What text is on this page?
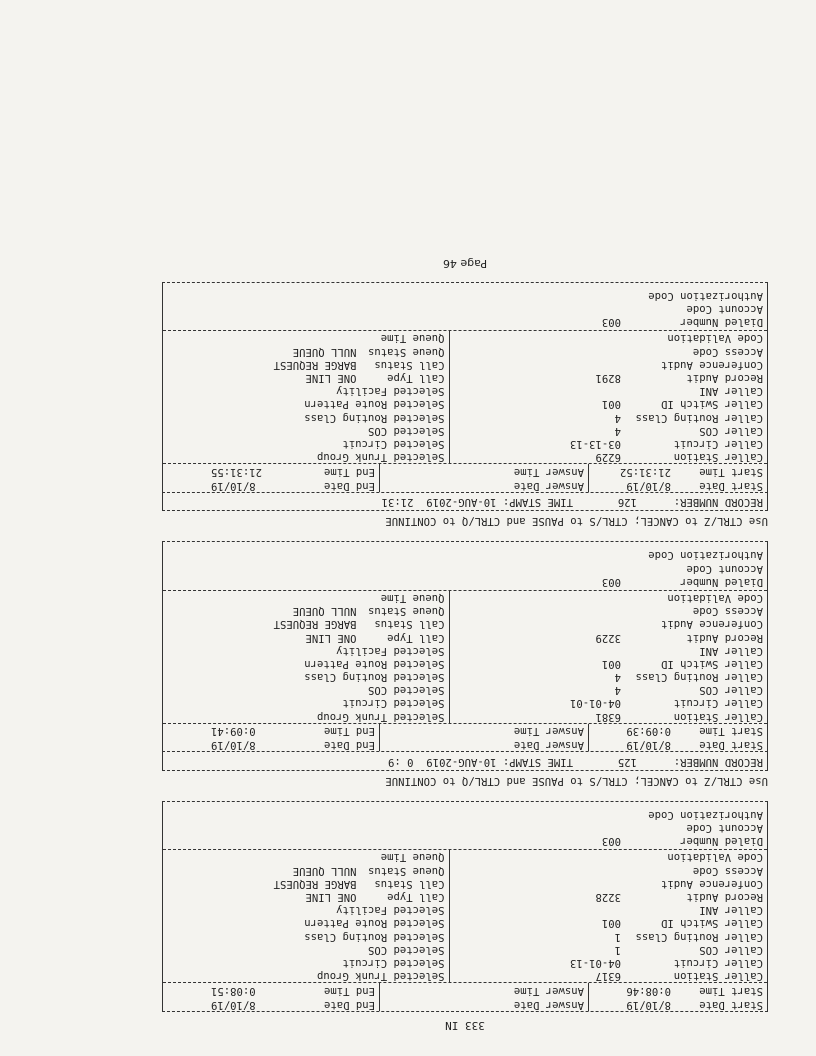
333 IN
Start Date
8/10/19
Answer Date
End Date
8/10/19
Start Time
0:08:46
Answer Time
End Time
0:08:51
Caller Station
6317
Caller Circuit
04-01-13
Caller COS
1
Caller Routing Class
1
Caller Switch ID
001
Caller ANI
Record Audit
3228
Conference Audit
Access Code
Code Validation
Selected Trunk Group
Selected Circuit
Selected COS
Selected Routing Class
Selected Route Pattern
Selected Facility
Call Type
ONE LINE
Call Status
BARGE REQUEST
Queue Status
NULL QUEUE
Queue Time
Dialed Number
003
Account Code
Authorization Code
Use CTRL/Z to CANCEL; CTRL/S to PAUSE and CTRL/Q to CONTINUE
RECORD NUMBER:
125
TIME STAMP: 10-AUG-2019  0 :9
Start Date
8/10/19
Answer Date
End Date
8/10/19
Start Time
0:09:39
Answer Time
End Time
0:09:41
Caller Station
6381
Caller Circuit
04-01-01
Caller COS
4
Caller Routing Class
4
Caller Switch ID
001
Caller ANI
Record Audit
3229
Conference Audit
Access Code
Code Validation
Selected Trunk Group
Selected Circuit
Selected COS
Selected Routing Class
Selected Route Pattern
Selected Facility
Call Type
ONE LINE
Call Status
BARGE REQUEST
Queue Status
NULL QUEUE
Queue Time
Dialed Number
003
Account Code
Authorization Code
Use CTRL/Z to CANCEL; CTRL/S to PAUSE and CTRL/Q to CONTINUE
RECORD NUMBER:
126
TIME STAMP: 10-AUG-2019  21:31
Start Date
8/10/19
Answer Date
End Date
8/10/19
Start Time
21:31:52
Answer Time
End Time
21:31:55
Caller Station
6229
Caller Circuit
03-13-13
Caller COS
4
Caller Routing Class
4
Caller Switch ID
001
Caller ANI
Record Audit
8291
Conference Audit
Access Code
Code Validation
Selected Trunk Group
Selected Circuit
Selected COS
Selected Routing Class
Selected Route Pattern
Selected Facility
Call Type
ONE LINE
Call Status
BARGE REQUEST
Queue Status
NULL QUEUE
Queue Time
Dialed Number
003
Account Code
Authorization Code
Page 46
